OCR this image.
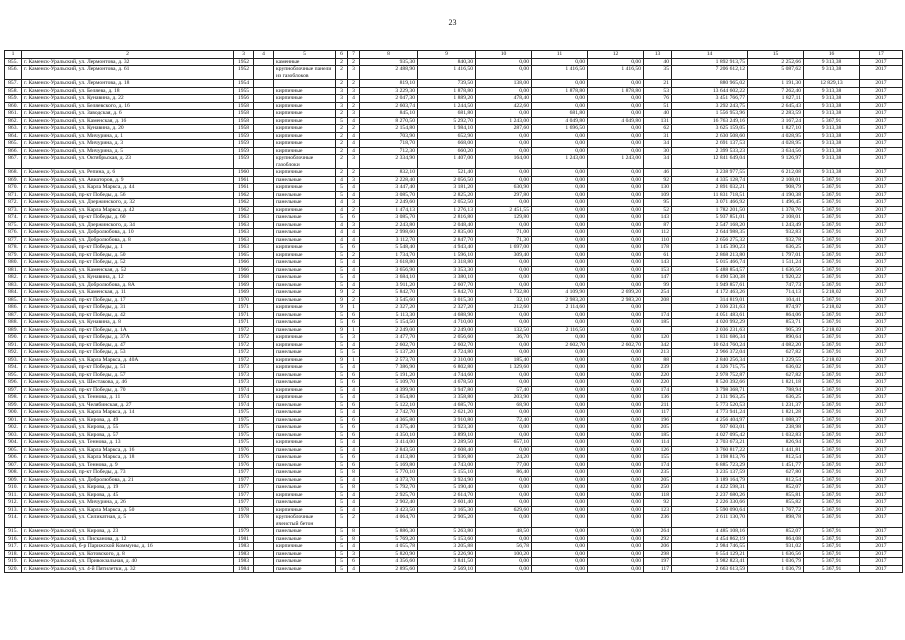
23
1	2	3	4	5	6	7	8	9	10	11	12	13	14	15	16	17
855.	г. Каменск-Уральский, ул. Лермонтова, д. 32	1952		каменные	2	2	935,30	840,30	0,00	0,00	0,00	40	1 892 913,75	2 252,66	9 313,38	2017
856.	г. Каменск-Уральский, ул. Лермонтова, д. 61	1952		крупноблочные панели из газоблоков	2	3	2 488,90	1 416,50	0,00	1 416,50	1 416,50	35	7 206 612,12	5 087,62	9 313,38	2017
857.	г. Каменск-Уральский, ул. Лермонтова, д. 18	1954			2	2	819,10	739,50	138,00	0,00	0,00	21	880 965,02	1 191,30	12 829,13	2017
858.	г. Каменск-Уральский, ул. Беляева, д. 18	1955		кирпичные	3	3	3 229,30	1 878,80	0,00	1 878,80	1 878,80	53	13 644 602,22	7 262,40	9 313,38	2017
859.	г. Каменск-Уральский, ул. Кунавина, д. 22	1956		кирпичные	3	4	2 047,30	1 889,20	478,40	0,00	0,00	76	3 451 766,77	1 827,11	9 313,38	2017
860.	г. Каменск-Уральский, ул. Беляевского, д. 16	1958		кирпичные	3	2	2 603,74	1 244,50	422,60	0,00	0,00	51	3 292 243,75	2 645,43	9 313,38	2017
861.	г. Каменск-Уральский, ул. Заводская, д. 6	1958		кирпичные	2	3	845,10	681,80	0,00	681,80	0,00	40	1 556 953,96	2 283,59	9 313,38	2017
862.	г. Каменск-Уральский, ул. Каменская, д. 16	1958		кирпичные	5	4	8 270,50	5 292,70	1 243,00	4 049,80	4 049,80	131	16 763 249,16	3 167,24	5 367,91	2017
863.	г. Каменск-Уральский, ул. Кунавина, д. 20	1958		кирпичные	2	2	2 154,80	1 984,10	287,60	1 696,50	0,00	62	3 625 159,05	1 827,10	9 313,38	2017
864.	г. Каменск-Уральский, ул. Мичурина, д. 1	1959		кирпичные	2	4	703,90	652,90	0,00	0,00	0,00	31	2 630 508,60	4 028,95	9 313,38	2017
865.	г. Каменск-Уральский, ул. Мичурина, д. 3	1959		кирпичные	2	4	718,70	668,00	0,00	0,00	0,00	34	2 691 137,53	4 028,95	9 313,38	2017
866.	г. Каменск-Уральский, ул. Мичурина, д. 5	1959		кирпичные	2	4	712,30	660,20	0,00	0,00	0,00	30	2 399 533,23	3 634,56	9 313,38	2017
867.	г. Каменск-Уральский, ул. Октябрьская, д. 23	1959		крупноблочные газоблоки	2	3	2 334,90	1 407,00	164,00	1 243,00	1 243,00	34	12 841 649,04	9 126,97	9 313,38	2017
868.	г. Каменск-Уральский, ул. Репина, д. 6	1960		кирпичные	2	2	832,10	521,40	0,00	0,00	0,00	46	3 238 977,55	6 212,08	9 313,38	2017
869.	г. Каменск-Уральский, ул. Авиаторов, д. 9	1961		панельные	4	3	2 228,40	2 056,50	0,00	0,00	0,00	92	4 335 128,74	2 108,01	5 367,91	2017
870.	г. Каменск-Уральский, ул. Карла Маркса, д. 44	1961		кирпичные	5	4	3 447,40	3 181,20	630,90	0,00	0,00	130	2 891 032,21	908,79	5 367,91	2017
871.	г. Каменск-Уральский, пр-кт Победы, д. 56	1962		панельные	5	4	3 085,70	2 825,20	297,80	0,00	0,00	109	11 831 718,51	4 190,38	5 367,91	2017
872.	г. Каменск-Уральский, ул. Дзержинского, д. 32	1962		панельные	4	3	2 249,60	2 052,50	0,00	0,00	0,00	95	3 071 466,92	1 496,45	5 367,91	2017
873.	г. Каменск-Уральский, ул. Карла Маркса, д. 42	1962		кирпичные	4	2	1 474,13	1 276,13	2 451,55	0,00	0,00	52	1 782 201,50	1 378,76	5 367,91	2017
874.	г. Каменск-Уральский, пр-кт Победы, д. 60	1963		панельные	5	6	3 085,70	2 816,80	129,80	0,00	0,00	143	5 937 851,01	2 108,01	5 367,91	2017
875.	г. Каменск-Уральский, ул. Дзержинского, д. 34	1963		панельные	4	3	2 243,80	2 048,40	0,00	0,00	0,00	87	2 547 168,20	1 243,49	5 367,91	2017
876.	г. Каменск-Уральский, ул. Добролюбова, д. 10	1963		панельные	4	4	2 998,60	2 835,00	71,00	0,00	0,00	112	2 644 988,35	932,83	5 367,91	2017
877.	г. Каменск-Уральский, ул. Добролюбова, д. 8	1963		панельные	4	4	3 112,70	2 847,70	71,30	0,00	0,00	110	2 656 275,32	932,78	5 367,91	2017
878.	г. Каменск-Уральский, пр-кт Победы, д. 1	1963		кирпичные	5	6	5 548,40	4 943,40	1 697,00	0,00	0,00	178	3 145 390,23	636,25	5 367,91	2017
879.	г. Каменск-Уральский, пр-кт Победы, д. 50	1965		кирпичные	5	2	1 734,70	1 596,10	309,40	0,00	0,00	61	2 868 213,80	1 797,01	5 367,91	2017
880.	г. Каменск-Уральский, пр-кт Победы, д. 52	1966		панельные	5	4	3 618,80	3 318,80	0,00	0,00	0,00	143	5 015 466,74	1 511,24	5 367,91	2017
881.	г. Каменск-Уральский, ул. Каменская, д. 52	1966		панельные	5	4	3 656,90	3 353,30	0,00	0,00	0,00	153	5 488 854,57	1 636,56	5 367,91	2017
882.	г. Каменск-Уральский, ул. Кунавина, д. 12	1968		панельные	5	4	3 684,10	3 380,10	0,00	0,00	0,00	147	6 490 530,38	1 920,22	5 367,91	2017
883.	г. Каменск-Уральский, ул. Добролюбова, д. 8А	1969		панельные	5	4	3 911,20	2 607,70	0,00	0,00	0,00	99	1 949 857,61	747,73	5 367,91	2017
884.	г. Каменск-Уральский, ул. Каменская, д. 11	1969		панельные	9	2	5 842,70	5 842,70	1 732,80	4 109,90	2 699,20	254	4 172 463,26	714,13	5 218,02	2017
885.	г. Каменск-Уральский, пр-кт Победы, д. 17	1970		панельные	9	2	3 545,60	3 015,30	32,10	2 983,20	2 983,20	208	314 819,01	104,41	5 367,91	2017
886.	г. Каменск-Уральский, пр-кт Победы, д. 31	1971		кирпичные	9	1	2 327,20	2 327,20	212,60	2 114,60	0,00		2 036 231,63	874,97	5 218,02	2017
887.	г. Каменск-Уральский, пр-кт Победы, д. 42	1971		панельные	5	6	5 113,30	4 688,90	0,00	0,00	0,00	174	4 051 483,61	864,06	5 367,91	2017
888.	г. Каменск-Уральский, ул. Кунавина, д. 8	1971		панельные	5	6	5 154,50	4 710,00	0,00	0,00	0,00	185	4 020 992,29	853,71	5 367,91	2017
889.	г. Каменск-Уральский, пр-кт Победы, д. 1А	1972		панельные	9	1	2 249,00	2 249,00	132,50	2 116,50	0,00		2 036 231,63	905,39	5 218,02	2017
890.	г. Каменск-Уральский, пр-кт Победы, д. 37А	1972		кирпичные	5	3	3 477,70	2 056,60	36,70	0,00	0,00	120	1 831 686,34	890,64	5 367,91	2017
891.	г. Каменск-Уральский, пр-кт Победы, д. 47	1972		кирпичные	5	4	2 602,70	2 602,70	0,00	2 602,70	2 602,70	342	10 624 760,24	4 082,20	5 367,91	2017
892.	г. Каменск-Уральский, пр-кт Победы, д. 53	1972		панельные	5	5	5 137,20	4 724,80	0,00	0,00	0,00	213	2 966 372,04	627,82	5 367,91	2017
893.	г. Каменск-Уральский, ул. Карла Маркса, д. 40А	1972		кирпичные	9	1	2 573,70	2 310,00	185,40	0,00	0,00	88	2 840 256,34	1 229,55	5 218,02	2017
894.	г. Каменск-Уральский, пр-кт Победы, д. 51	1973		кирпичные	5	4	7 386,90	6 802,80	1 329,60	0,00	0,00	239	4 326 715,75	636,02	5 367,91	2017
895.	г. Каменск-Уральский, пр-кт Победы, д. 57	1973		панельные	5	6	5 191,20	4 744,60	0,00	0,00	0,00	220	2 978 752,87	627,82	5 367,91	2017
896.	г. Каменск-Уральский, ул. Шестакова, д. 46	1973		панельные	5	6	5 109,70	4 678,50	0,00	0,00	0,00	220	8 520 392,66	1 821,18	5 367,91	2017
897.	г. Каменск-Уральский, пр-кт Победы, д. 70	1974		кирпичные	5	4	4 399,90	3 947,80	57,40	0,00	0,00	174	3 798 368,71	788,94	5 367,91	2017
898.	г. Каменск-Уральский, ул. Теннова, д. 11	1974		кирпичные	5	4	3 654,80	3 358,80	203,90	0,00	0,00	136	2 131 963,25	636,25	5 367,91	2017
899.	г. Каменск-Уральский, ул. Челябинская, д. 27	1974		панельные	5	6	5 122,10	4 685,70	68,90	0,00	0,00	211	5 773 520,53	1 231,37	5 367,91	2017
900.	г. Каменск-Уральский, ул. Карла Маркса, д. 14	1975		панельные	5	4	2 742,70	2 621,20	0,00	0,00	0,00	117	4 773 941,24	1 821,28	5 367,91	2017
901.	г. Каменск-Уральский, ул. Кирова, д. 49	1975		панельные	5	6	4 365,80	3 910,80	72,40	0,00	0,00	196	4 256 404,97	1 088,37	5 367,91	2017
902.	г. Каменск-Уральский, ул. Кирова, д. 55	1975		панельные	5	6	4 375,40	3 923,30	0,00	0,00	0,00	205	937 603,01	238,98	5 367,91	2017
903.	г. Каменск-Уральский, ул. Кирова, д. 57	1975		панельные	5	6	4 350,10	3 899,10	0,00	0,00	0,00	185	4 027 095,42	1 032,83	5 367,91	2017
904.	г. Каменск-Уральский, ул. Теннова, д. 13	1975		кирпичные	5	4	3 414,00	3 289,50	657,10	0,00	0,00	114	2 703 673,21	826,94	5 367,91	2017
905.	г. Каменск-Уральский, ул. Карла Маркса, д. 16	1976		панельные	5	4	2 843,50	2 608,40	0,00	0,00	0,00	126	3 760 817,22	1 441,81	5 367,91	2017
906.	г. Каменск-Уральский, ул. Карла Маркса, д. 18	1976		панельные	5	6	4 413,80	3 936,80	24,20	0,00	0,00	155	3 198 813,76	812,54	5 367,91	2017
907.	г. Каменск-Уральский, ул. Теннова, д. 9	1976		панельные	5	6	5 169,80	4 743,00	77,00	0,00	0,00	174	6 885 723,29	1 451,77	5 367,91	2017
908.	г. Каменск-Уральский, пр-кт Победы, д. 73	1977		панельные	5	8	5 770,10	5 155,10	86,40	0,00	0,00	235	3 235 137,59	627,80	5 367,91	2017
909.	г. Каменск-Уральский, ул. Добролюбова, д. 21	1977		панельные	5	4	4 373,70	3 924,90	0,00	0,00	0,00	205	3 189 164,79	812,54	5 367,91	2017
910.	г. Каменск-Уральский, ул. Кирова, д. 19	1977		панельные	5	8	5 792,70	5 190,40	0,00	0,00	0,00	250	4 422 598,31	852,07	5 367,91	2017
911.	г. Каменск-Уральский, ул. Кирова, д. 45	1977		кирпичные	5	4	2 925,70	2 614,70	0,00	0,00	0,00	118	2 237 680,26	855,81	5 367,91	2017
912.	г. Каменск-Уральский, ул. Мичурина, д. 26	1977		панельные	5	4	2 902,40	2 601,40	0,00	0,00	0,00	92	2 226 330,66	855,82	5 367,91	2017
913.	г. Каменск-Уральский, ул. Карла Маркса, д. 50	1978		кирпичные	5	4	3 423,50	3 165,30	629,60	0,00	0,00	123	5 590 090,64	1 767,72	5 367,91	2017
914.	г. Каменск-Уральский, ул. Силикатная, д. 5	1978		крупноблочные ячеистый бетон	5	2	4 064,70	2 905,20	0,00	0,00	0,00	236	2 611 130,70	898,78	5 367,91	2017
915.	г. Каменск-Уральский, ул. Кирова, д. 23	1979		панельные	5	8	5 886,30	5 263,80	48,50	0,00	0,00	264	4 485 108,16	852,07	5 367,91	2017
916.	г. Каменск-Уральский, ул. Писканова, д. 12	1981		панельные	5	8	5 769,20	5 153,60	0,00	0,00	0,00	292	4 454 862,19	864,08	5 367,91	2017
917.	г. Каменск-Уральский, б-р Парижской Коммуны, д. 16	1983		кирпичные	5	4	4 055,78	3 205,88	56,78	0,00	0,00	206	2 984 746,55	931,02	5 367,91	2017
918.	г. Каменск-Уральский, ул. Котовского, д. 8	1983		панельные	5	3	5 820,90	5 226,90	100,20	0,00	0,00	298	6 554 129,21	1 636,56	5 367,91	2017
919.	г. Каменск-Уральский, ул. Привокзальная, д. 40	1983		панельные	5	6	4 356,60	3 841,50	0,00	0,00	0,00	197	3 982 823,41	1 036,79	5 367,91	2017
920.	г. Каменск-Уральский, ул. 4-й Пятилетки, д. 32	1984		панельные	5	4	2 895,60	2 569,10	0,00	0,00	0,00	117	2 663 613,59	1 036,79	5 367,91	2017
